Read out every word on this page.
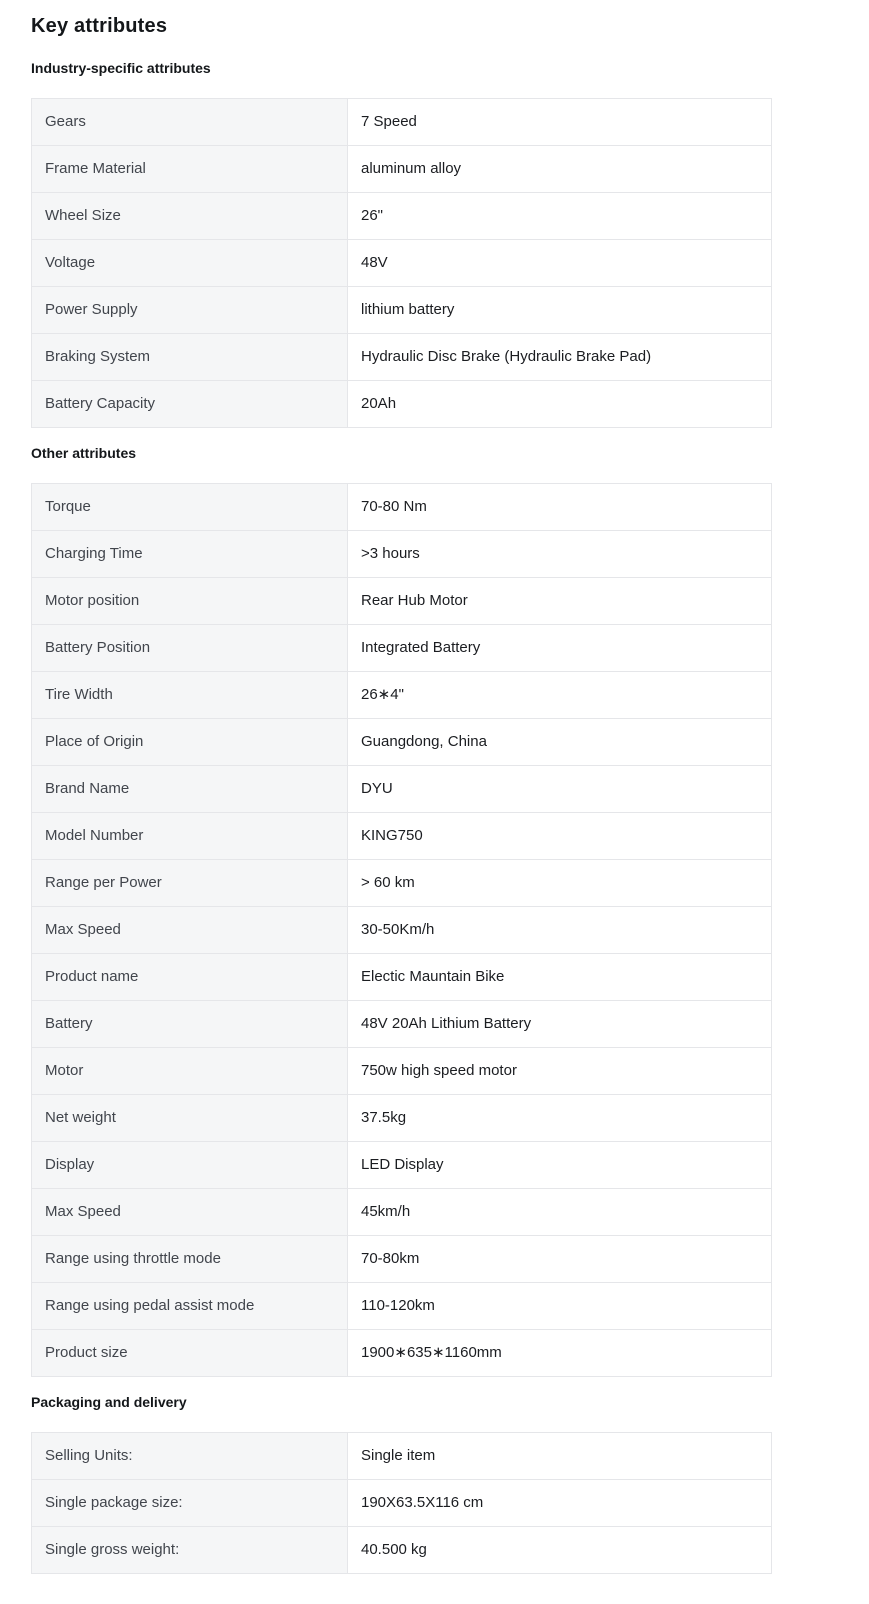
Key attributes
Industry-specific attributes
Gears	7 Speed
Frame Material	aluminum alloy
Wheel Size	26"
Voltage	48V
Power Supply	lithium battery
Braking System	Hydraulic Disc Brake (Hydraulic Brake Pad)
Battery Capacity	20Ah
Other attributes
Torque	70-80 Nm
Charging Time	>3 hours
Motor position	Rear Hub Motor
Battery Position	Integrated Battery
Tire Width	26∗4"
Place of Origin	Guangdong, China
Brand Name	DYU
Model Number	KING750
Range per Power	> 60 km
Max Speed	30-50Km/h
Product name	Electic Mauntain Bike
Battery	48V 20Ah Lithium Battery
Motor	750w high speed motor
Net weight	37.5kg
Display	LED Display
Max Speed	45km/h
Range using throttle mode	70-80km
Range using pedal assist mode	110-120km
Product size	1900∗635∗1160mm
Packaging and delivery
Selling Units:	Single item
Single package size:	190X63.5X116 cm
Single gross weight:	40.500 kg
